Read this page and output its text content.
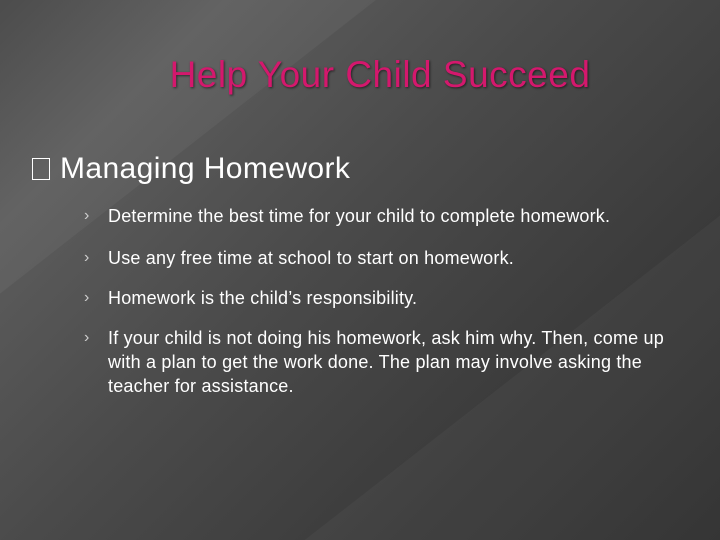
Help Your Child Succeed
Managing Homework
›	Determine the best time for your child to complete homework.
›	Use any free time at school to start on homework.
›	Homework is the child’s responsibility.
›	If your child is not doing his homework, ask him why. Then, come up with a plan to get the work done. The plan may involve asking the teacher for assistance.
